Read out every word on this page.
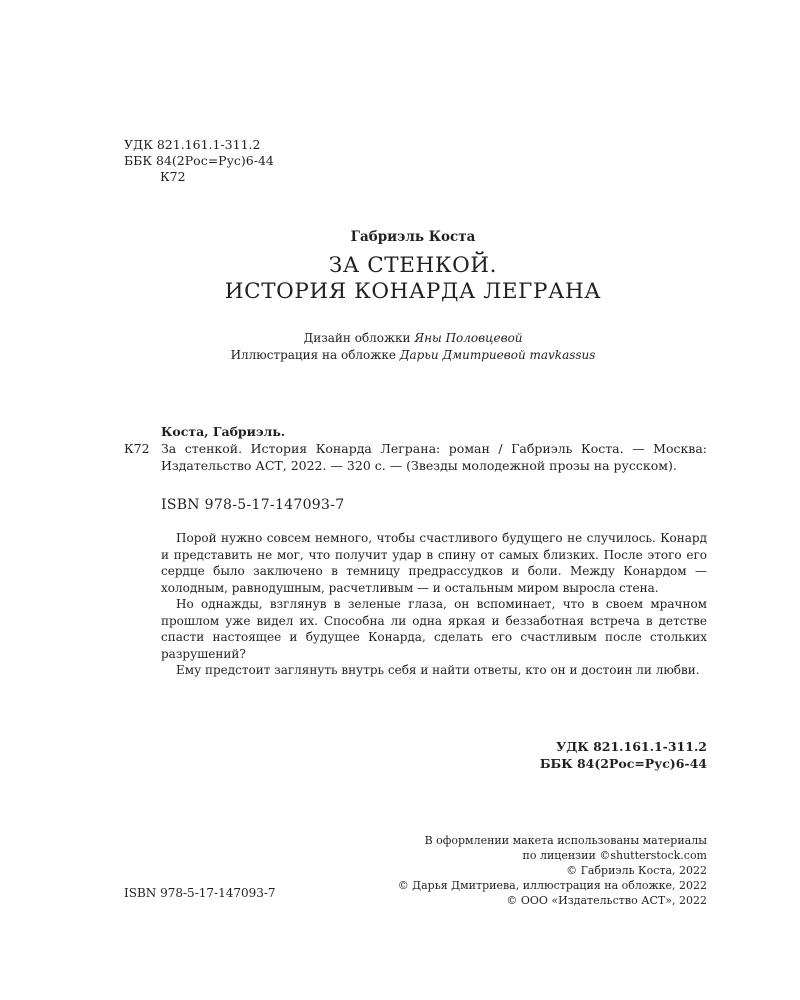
УДК 821.161.1-311.2
ББК 84(2Рос=Рус)6-44
К72
Габриэль Коста
ЗА СТЕНКОЙ.
ИСТОРИЯ КОНАРДА ЛЕГРАНА
Дизайн обложки Яны Половцевой
Иллюстрация на обложке Дарьи Дмитриевой mavkassus
Коста, Габриэль.
К72 За стенкой. История Конарда Леграна: роман / Габриэль Коста. — Москва:
Издательство АСТ, 2022. — 320 с. — (Звезды молодежной прозы на русском).
ISBN 978-5-17-147093-7

Порой нужно совсем немного, чтобы счастливого будущего не случилось. Конард и представить не мог, что получит удар в спину от самых близких. После этого его сердце было заключено в темницу предрассудков и боли. Между Конардом — холодным, равнодушным, расчетливым — и остальным миром выросла стена.

Но однажды, взглянув в зеленые глаза, он вспоминает, что в своем мрачном прошлом уже видел их. Способна ли одна яркая и беззаботная встреча в детстве спасти настоящее и будущее Конарда, сделать его счастливым после стольких разрушений?

Ему предстоит заглянуть внутрь себя и найти ответы, кто он и достоин ли любви.

УДК 821.161.1-311.2
ББК 84(2Рос=Рус)6-44
В оформлении макета использованы материалы
по лицензии ©shutterstock.com
© Габриэль Коста, 2022
© Дарья Дмитриева, иллюстрация на обложке, 2022
© ООО «Издательство АСТ», 2022
ISBN 978-5-17-147093-7
